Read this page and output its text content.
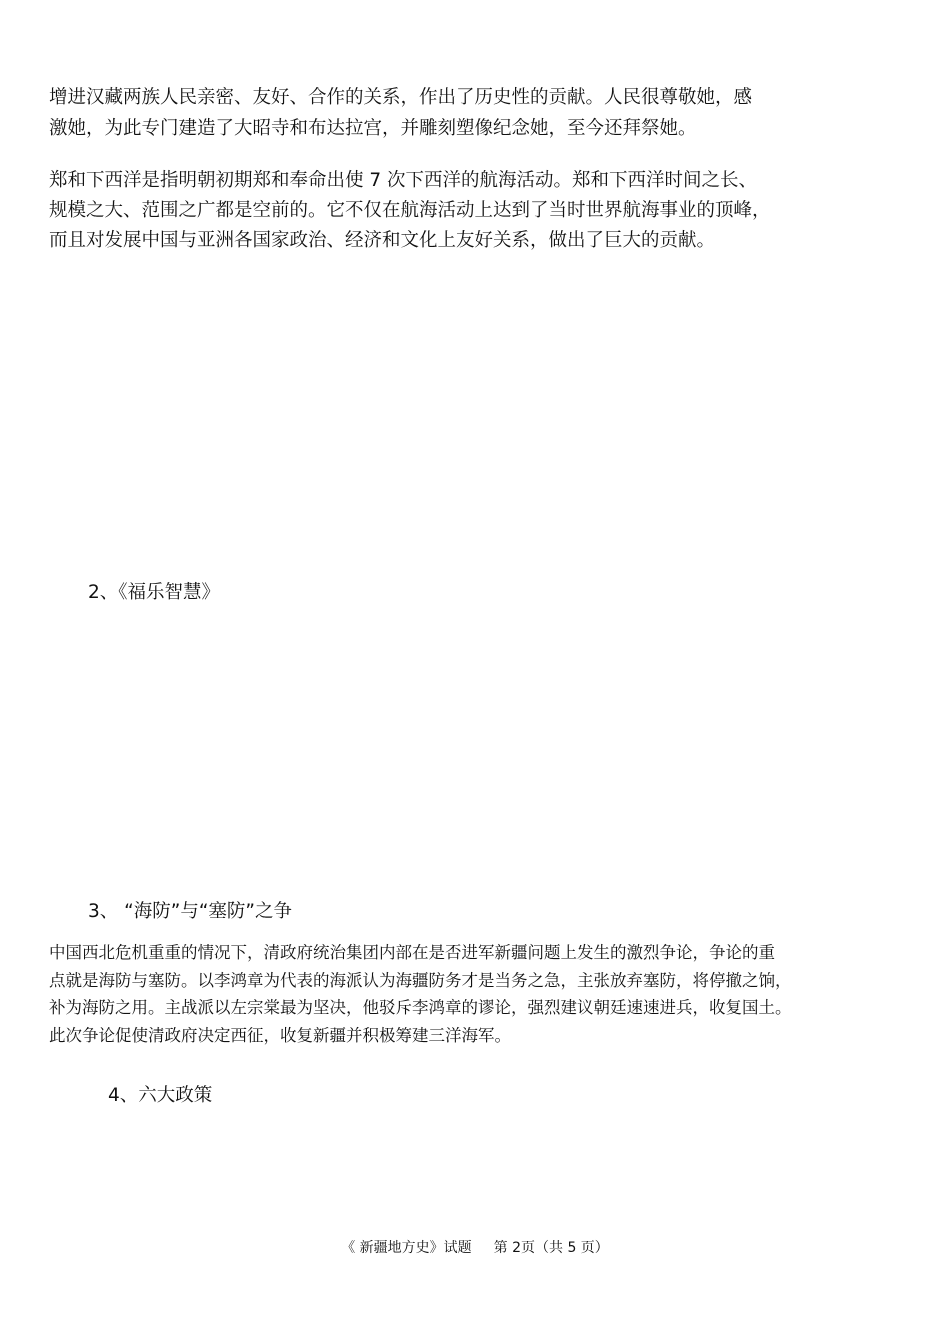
增进汉藏两族人民亲密、友好、合作的关系，作出了历史性的贡献。人民很尊敬她，感
激她，为此专门建造了大昭寺和布达拉宫，并雕刻塑像纪念她，至今还拜祭她。
郑和下西洋是指明朝初期郑和奉命出使 7 次下西洋的航海活动。郑和下西洋时间之长、
规模之大、范围之广都是空前的。它不仅在航海活动上达到了当时世界航海事业的顶峰，
而且对发展中国与亚洲各国家政治、经济和文化上友好关系，做出了巨大的贡献。
2、《福乐智慧》
3、 “海防”与“塞防”之争
中国西北危机重重的情况下，清政府统治集团内部在是否进军新疆问题上发生的激烈争论，争论的重
点就是海防与塞防。以李鸿章为代表的海派认为海疆防务才是当务之急，主张放弃塞防，将停撤之饷，
补为海防之用。主战派以左宗棠最为坚决，他驳斥李鸿章的谬论，强烈建议朝廷速速进兵，收复国土。
此次争论促使清政府决定西征，收复新疆并积极筹建三洋海军。
4、六大政策
《 新疆地方史》试题 第 2页（共 5 页）
